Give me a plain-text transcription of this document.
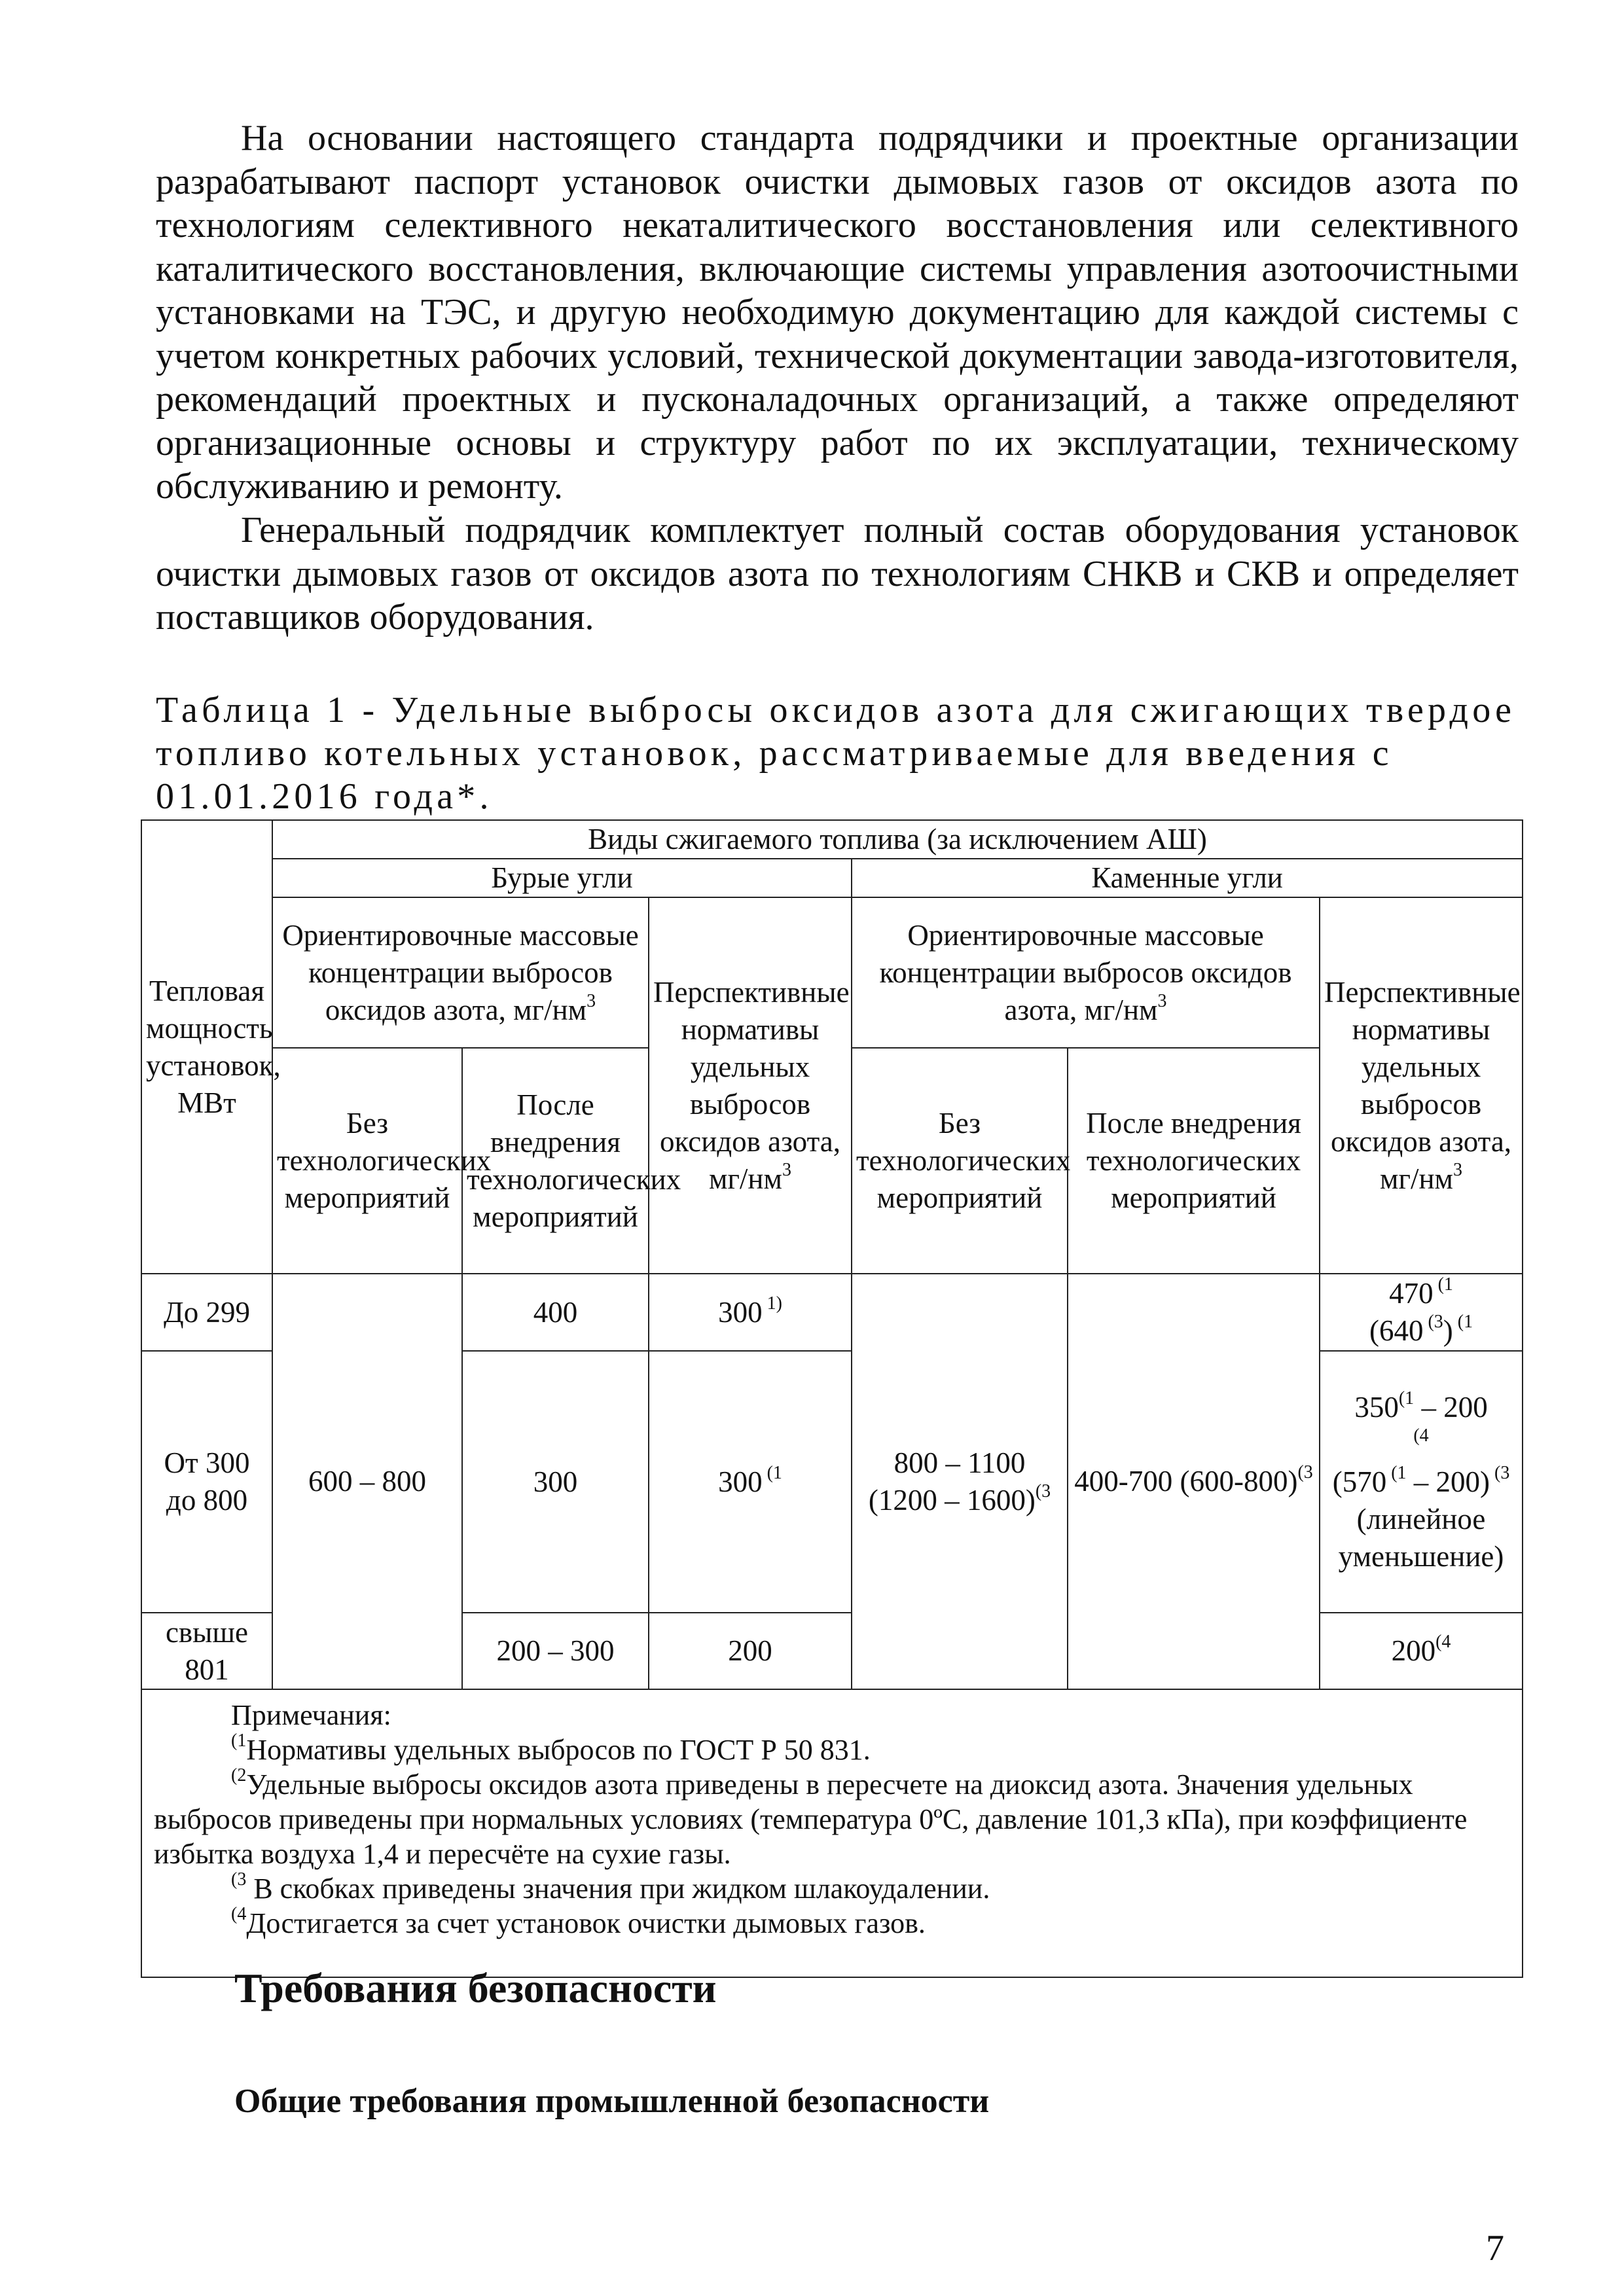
На основании настоящего стандарта подрядчики и проектные организации разрабатывают паспорт установок очистки дымовых газов от оксидов азота по технологиям селективного некаталитического восстановления или селективного каталитического восстановления, включающие системы управления азотоочистными установками на ТЭС, и другую необходимую документацию для каждой системы с учетом конкретных рабочих условий, технической документации завода-изготовителя, рекомендаций проектных и пусконаладочных организаций, а также определяют организационные основы и структуру работ по их эксплуатации, техническому обслуживанию и ремонту.

Генеральный подрядчик комплектует полный состав оборудования установок очистки дымовых газов от оксидов азота по технологиям СНКВ и СКВ и определяет поставщиков оборудования.

Таблица 1 - Удельные выбросы оксидов азота для сжигающих твердое топливо котельных установок, рассматриваемые для введения с 01.01.2016 года*.

Тепловая мощность установок, МВт	Виды сжигаемого топлива (за исключением АШ)					
	Бурые угли			Каменные угли		
	Ориентировочные массовые концентрации выбросов оксидов азота, $мг/нм^3$		Перспективные нормативы удельных выбросов оксидов азота, $мг/нм^3$	Ориентировочные массовые концентрации выбросов оксидов азота, $мг/нм^3$		Перспективные нормативы удельных выбросов оксидов азота, $мг/нм^3$
	Без технологических мероприятий	После внедрения технологических мероприятий		Без технологических мероприятий	После внедрения технологических мероприятий	
До 299	600 – 800	400	300 $^{1)}$	800 – 1100 (1200 – 1600)$^{(3}$	400-700 $(600-800)^{(3}$	470 $^{(1}$
(640 $^{(3}$) $^{(1}$
От 300 до 800		300	300 $^{(1}$			350$^{(1}$ – 200
$^{(4}$
(570 $^{(1}$ – 200) $^{(3}$
(линейное уменьшение)
свыше 801		200 – 300	200			200$^{(4}$

Примечания:
$^{(1}$Нормативы удельных выбросов по ГОСТ Р 50 831.
$^{(2}$Удельные выбросы оксидов азота приведены в пересчете на диоксид азота. Значения удельных выбросов приведены при нормальных условиях (температура 0ºС, давление 101,3 кПа), при коэффициенте избытка воздуха 1,4 и пересчёте на сухие газы.
$^{(3}$ В скобках приведены значения при жидком шлакоудалении.
$^{(4}$Достигается за счет установок очистки дымовых газов.						
Требования безопасности
Общие требования промышленной безопасности

7
